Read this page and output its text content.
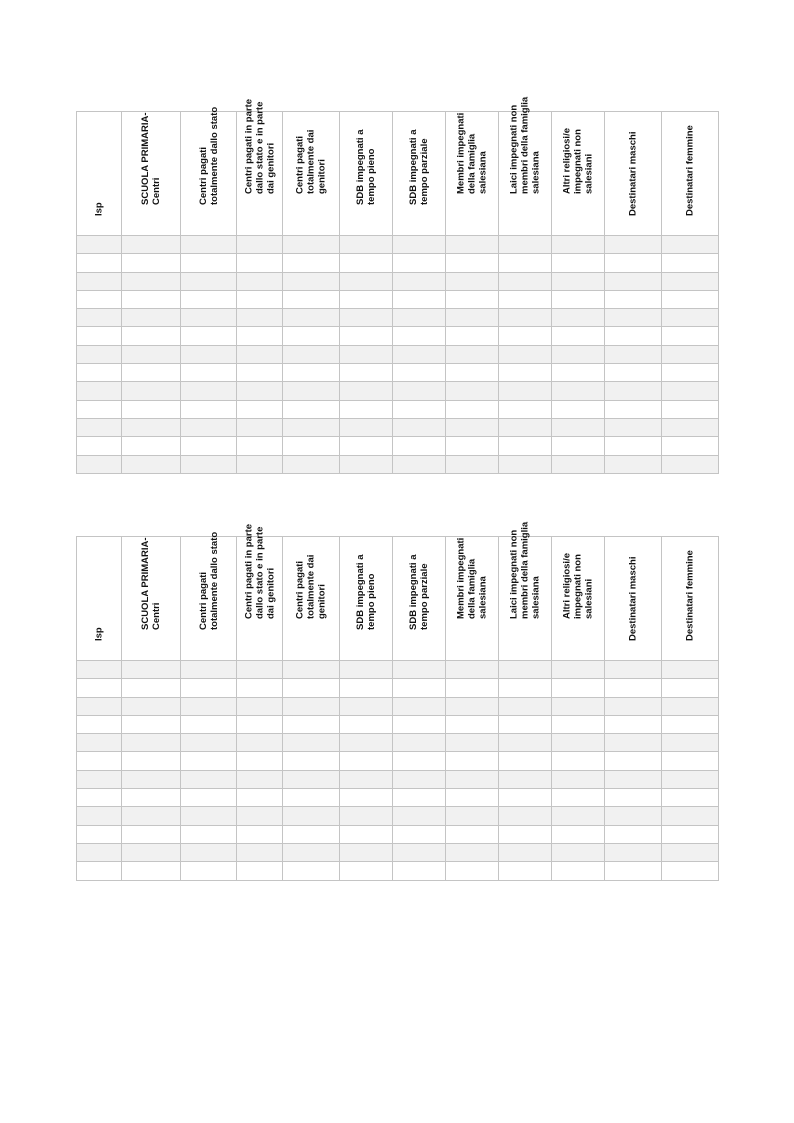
Isp	SCUOLA PRIMARIA-Centri	Centri pagati totalmente dallo stato	Centri pagati in parte dallo stato e in parte dai genitori	Centri pagati totalmente dai genitori	SDB impegnati a tempo pieno	SDB impegnati a tempo parziale	Membri impegnati della famiglia salesiana	Laici impegnati non membri della famiglia salesiana	Altri religiosi/e impegnati non salesiani	Destinatari maschi	Destinatari femmine

Isp	SCUOLA PRIMARIA-Centri	Centri pagati totalmente dallo stato	Centri pagati in parte dallo stato e in parte dai genitori	Centri pagati totalmente dai genitori	SDB impegnati a tempo pieno	SDB impegnati a tempo parziale	Membri impegnati della famiglia salesiana	Laici impegnati non membri della famiglia salesiana	Altri religiosi/e impegnati non salesiani	Destinatari maschi	Destinatari femmine
